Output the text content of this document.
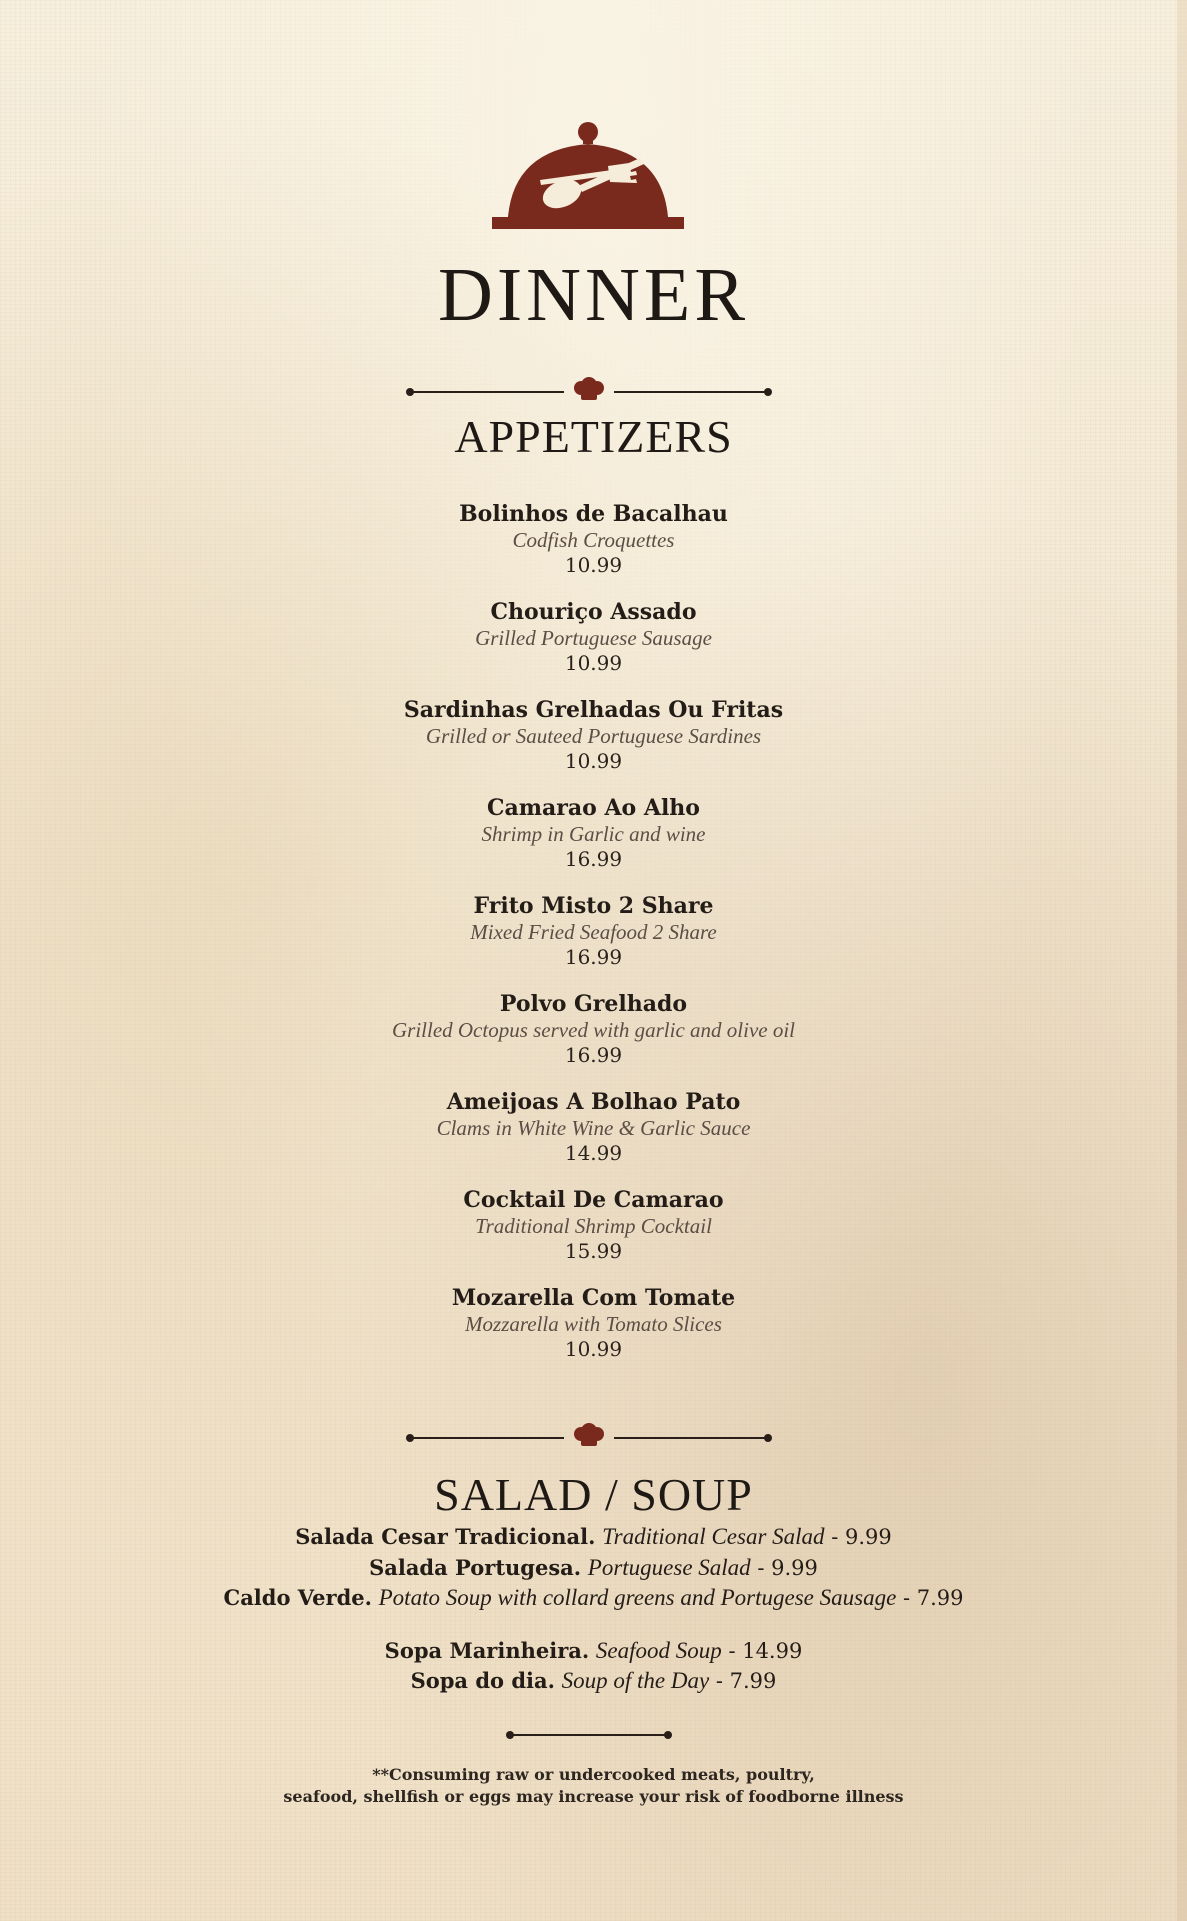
DINNER
APPETIZERS
Bolinhos de Bacalhau
Codfish Croquettes
10.99
Chouriço Assado
Grilled Portuguese Sausage
10.99
Sardinhas Grelhadas Ou Fritas
Grilled or Sauteed Portuguese Sardines
10.99
Camarao Ao Alho
Shrimp in Garlic and wine
16.99
Frito Misto 2 Share
Mixed Fried Seafood 2 Share
16.99
Polvo Grelhado
Grilled Octopus served with garlic and olive oil
16.99
Ameijoas A Bolhao Pato
Clams in White Wine & Garlic Sauce
14.99
Cocktail De Camarao
Traditional Shrimp Cocktail
15.99
Mozarella Com Tomate
Mozzarella with Tomato Slices
10.99
SALAD / SOUP
Salada Cesar Tradicional. Traditional Cesar Salad - 9.99
Salada Portugesa. Portuguese Salad - 9.99
Caldo Verde. Potato Soup with collard greens and Portugese Sausage - 7.99
Sopa Marinheira. Seafood Soup - 14.99
Sopa do dia. Soup of the Day - 7.99
**Consuming raw or undercooked meats, poultry,
seafood, shellfish or eggs may increase your risk of foodborne illness
